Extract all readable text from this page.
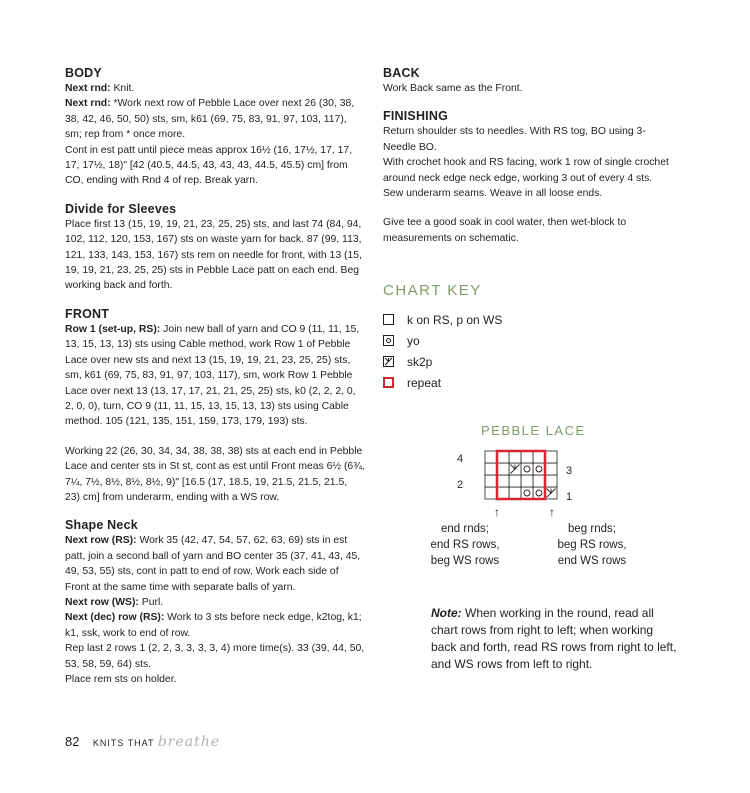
BODY

Next rnd: Knit.

Next rnd: *Work next row of Pebble Lace over next 26 (30, 38, 38, 42, 46, 50, 50) sts, sm, k61 (69, 75, 83, 91, 97, 103, 117), sm; rep from * once more.

Cont in est patt until piece meas approx 16½ (16, 17½, 17, 17, 17, 17½, 18)" [42 (40.5, 44.5, 43, 43, 43, 44.5, 45.5) cm] from CO, ending with Rnd 4 of rep. Break yarn.

Divide for Sleeves

Place first 13 (15, 19, 19, 21, 23, 25, 25) sts, and last 74 (84, 94, 102, 112, 120, 153, 167) sts on waste yarn for back. 87 (99, 113, 121, 133, 143, 153, 167) sts rem on needle for front, with 13 (15, 19, 19, 21, 23, 25, 25) sts in Pebble Lace patt on each end. Beg working back and forth.

FRONT

Row 1 (set-up, RS): Join new ball of yarn and CO 9 (11, 11, 15, 13, 15, 13, 13) sts using Cable method, work Row 1 of Pebble Lace over new sts and next 13 (15, 19, 19, 21, 23, 25, 25) sts, sm, k61 (69, 75, 83, 91, 97, 103, 117), sm, work Row 1 Pebble Lace over next 13 (13, 17, 17, 21, 21, 25, 25) sts, k0 (2, 2, 2, 0, 2, 0, 0), turn, CO 9 (11, 11, 15, 13, 15, 13, 13) sts using Cable method. 105 (121, 135, 151, 159, 173, 179, 193) sts.

Working 22 (26, 30, 34, 34, 38, 38, 38) sts at each end in Pebble Lace and center sts in St st, cont as est until Front meas 6½ (6¾, 7¼, 7½, 8½, 8½, 8½, 9)" [16.5 (17, 18.5, 19, 21.5, 21.5, 21.5, 23) cm] from underarm, ending with a WS row.

Shape Neck

Next row (RS): Work 35 (42, 47, 54, 57, 62, 63, 69) sts in est patt, join a second ball of yarn and BO center 35 (37, 41, 43, 45, 49, 53, 55) sts, cont in patt to end of row, Work each side of Front at the same time with separate balls of yarn.

Next row (WS): Purl.

Next (dec) row (RS): Work to 3 sts before neck edge, k2tog, k1; k1, ssk, work to end of row.

Rep last 2 rows 1 (2, 2, 3, 3, 3, 3, 4) more time(s). 33 (39, 44, 50, 53, 58, 59, 64) sts.

Place rem sts on holder.

BACK

Work Back same as the Front.

FINISHING

Return shoulder sts to needles. With RS tog, BO using 3-Needle BO.

With crochet hook and RS facing, work 1 row of single crochet around neck edge neck edge, working 3 out of every 4 sts.

Sew underarm seams. Weave in all loose ends.

Give tee a good soak in cool water, then wet-block to measurements on schematic.

CHART KEY
k on RS, p on WS
yo
sk2p
repeat
PEBBLE LACE
4
2
3
1
↑	↑
end rnds;
end RS rows,
beg WS rows
beg rnds;
beg RS rows,
end WS rows
Note: When working in the round, read all chart rows from right to left; when working back and forth, read RS rows from right to left, and WS rows from left to right.
82 KNITS THAT breathe
